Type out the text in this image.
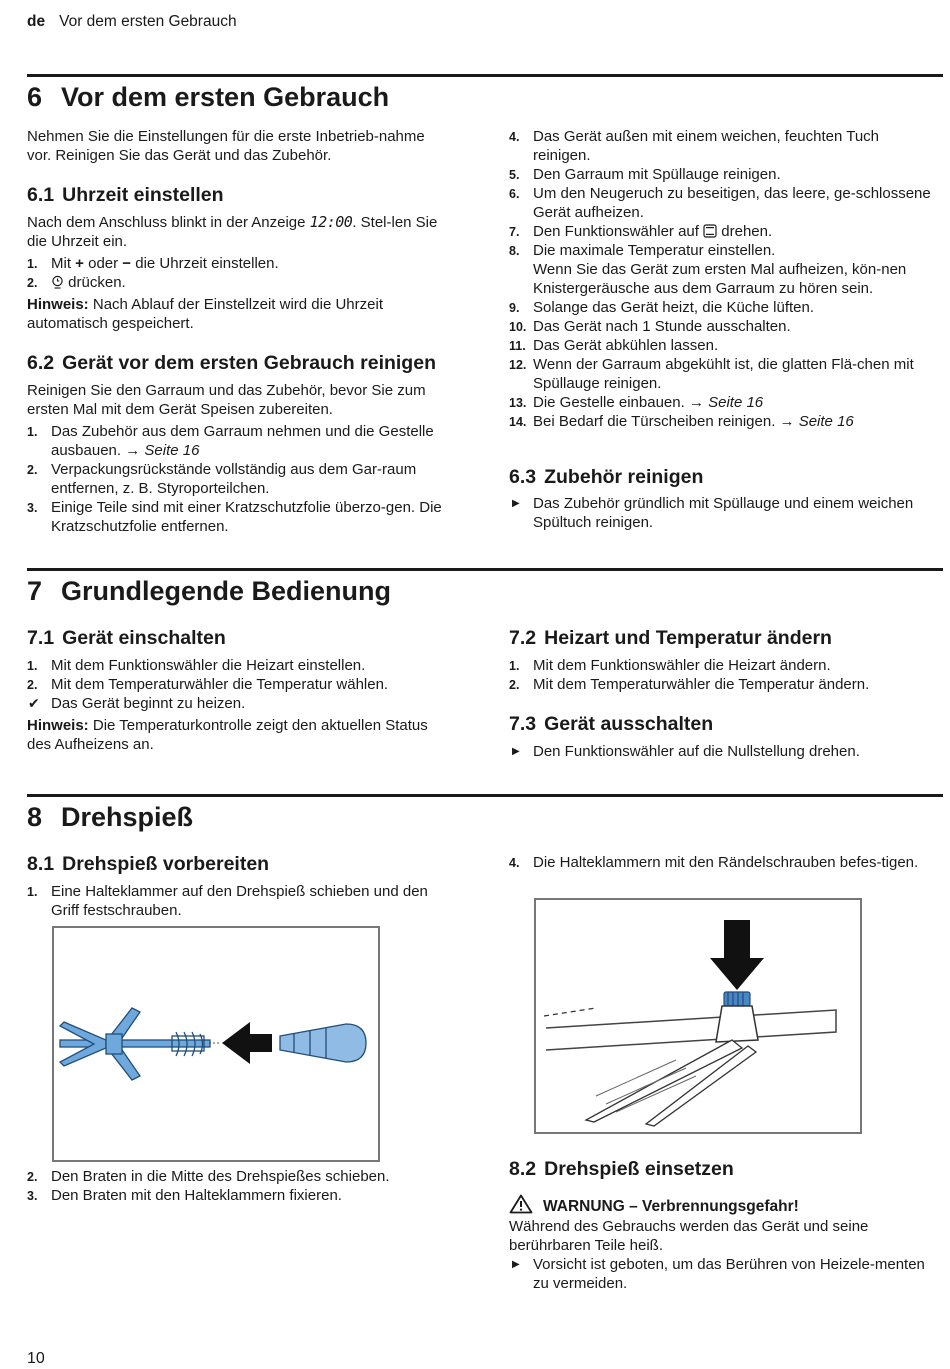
de Vor dem ersten Gebrauch
6 Vor dem ersten Gebrauch

Nehmen Sie die Einstellungen für die erste Inbetrieb-nahme vor. Reinigen Sie das Gerät und das Zubehör.

6.1 Uhrzeit einstellen

Nach dem Anschluss blinkt in der Anzeige 12:00. Stel-len Sie die Uhrzeit ein.

1. Mit + oder − die Uhrzeit einstellen.
2. drücken.

Hinweis: Nach Ablauf der Einstellzeit wird die Uhrzeit automatisch gespeichert.

6.2 Gerät vor dem ersten Gebrauch reinigen

Reinigen Sie den Garraum und das Zubehör, bevor Sie zum ersten Mal mit dem Gerät Speisen zubereiten.

1. Das Zubehör aus dem Garraum nehmen und die Gestelle ausbauen. → Seite 16
2. Verpackungsrückstände vollständig aus dem Gar-raum entfernen, z. B. Styroporteilchen.
3. Einige Teile sind mit einer Kratzschutzfolie überzo-gen. Die Kratzschutzfolie entfernen.
4. Das Gerät außen mit einem weichen, feuchten Tuch reinigen.
5. Den Garraum mit Spüllauge reinigen.
6. Um den Neugeruch zu beseitigen, das leere, ge-schlossene Gerät aufheizen.
7. Den Funktionswähler auf  drehen.
8. Die maximale Temperatur einstellen.
Wenn Sie das Gerät zum ersten Mal aufheizen, kön-nen Knistergeräusche aus dem Garraum zu hören sein.
9. Solange das Gerät heizt, die Küche lüften.
10. Das Gerät nach 1 Stunde ausschalten.
11. Das Gerät abkühlen lassen.
12. Wenn der Garraum abgekühlt ist, die glatten Flä-chen mit Spüllauge reinigen.
13. Die Gestelle einbauen. → Seite 16
14. Bei Bedarf die Türscheiben reinigen. → Seite 16
6.3 Zubehör reinigen
▶ Das Zubehör gründlich mit Spüllauge und einem weichen Spültuch reinigen.
7 Grundlegende Bedienung
7.1 Gerät einschalten
1. Mit dem Funktionswähler die Heizart einstellen.
2. Mit dem Temperaturwähler die Temperatur wählen.
✔ Das Gerät beginnt zu heizen.

Hinweis: Die Temperaturkontrolle zeigt den aktuellen Status des Aufheizens an.

7.2 Heizart und Temperatur ändern
1. Mit dem Funktionswähler die Heizart ändern.
2. Mit dem Temperaturwähler die Temperatur ändern.
7.3 Gerät ausschalten
▶ Den Funktionswähler auf die Nullstellung drehen.
8 Drehspieß
8.1 Drehspieß vorbereiten
1. Eine Halteklammer auf den Drehspieß schieben und den Griff festschrauben.
2. Den Braten in die Mitte des Drehspießes schieben.
3. Den Braten mit den Halteklammern fixieren.
4. Die Halteklammern mit den Rändelschrauben befes-tigen.
8.2 Drehspieß einsetzen

WARNUNG – Verbrennungsgefahr!

Während des Gebrauchs werden das Gerät und seine berührbaren Teile heiß.

▶ Vorsicht ist geboten, um das Berühren von Heizele-menten zu vermeiden.
10
